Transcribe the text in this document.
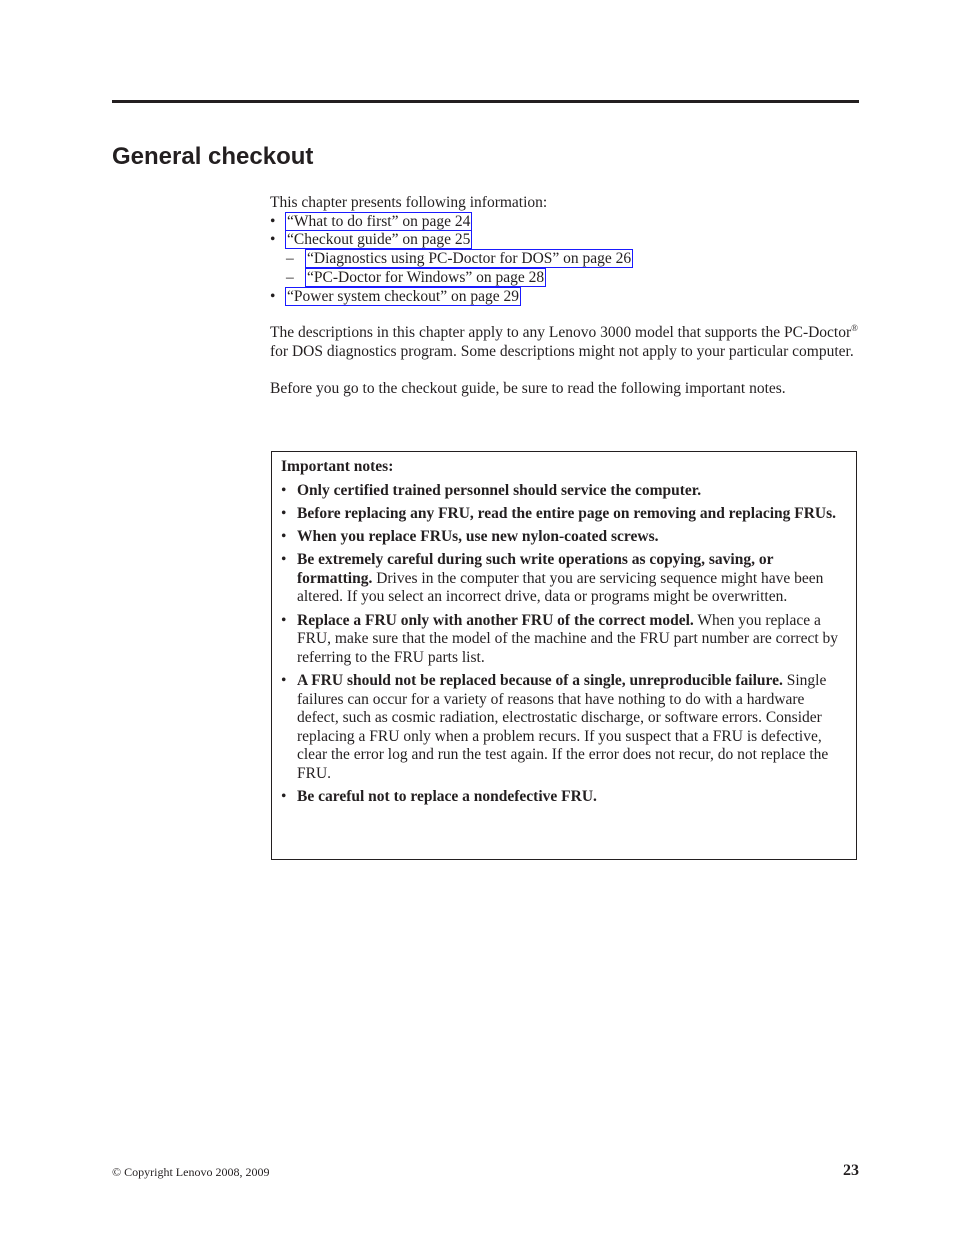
General checkout

This chapter presents following information:

• “What to do first” on page 24
• “Checkout guide” on page 25
– “Diagnostics using PC-Doctor for DOS” on page 26
– “PC-Doctor for Windows” on page 28
• “Power system checkout” on page 29

The descriptions in this chapter apply to any Lenovo 3000 model that supports the PC-Doctor® for DOS diagnostics program. Some descriptions might not apply to your particular computer.

Before you go to the checkout guide, be sure to read the following important notes.

Important notes:

• Only certified trained personnel should service the computer.
• Before replacing any FRU, read the entire page on removing and replacing FRUs.
• When you replace FRUs, use new nylon-coated screws.
• Be extremely careful during such write operations as copying, saving, or formatting. Drives in the computer that you are servicing sequence might have been altered. If you select an incorrect drive, data or programs might be overwritten.
• Replace a FRU only with another FRU of the correct model. When you replace a FRU, make sure that the model of the machine and the FRU part number are correct by referring to the FRU parts list.
• A FRU should not be replaced because of a single, unreproducible failure. Single failures can occur for a variety of reasons that have nothing to do with a hardware defect, such as cosmic radiation, electrostatic discharge, or software errors. Consider replacing a FRU only when a problem recurs. If you suspect that a FRU is defective, clear the error log and run the test again. If the error does not recur, do not replace the FRU.
• Be careful not to replace a nondefective FRU.
© Copyright Lenovo 2008, 2009	23
